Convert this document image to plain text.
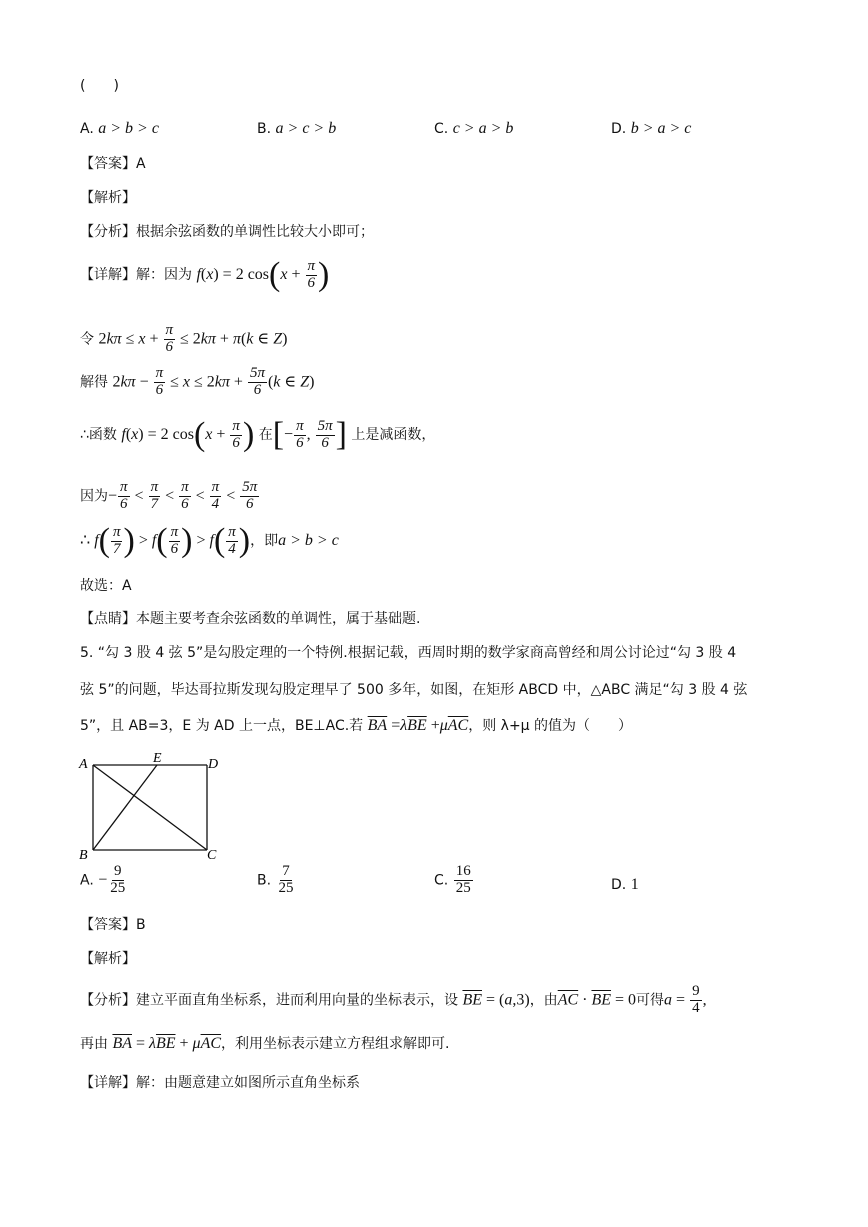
(　　)
A. a > b > c	B. a > c > b	C. c > a > b	D. b > a > c
【答案】A
【解析】
【分析】根据余弦函数的单调性比较大小即可；
【详解】解：因为 f(x) = 2 $\cos(x + \frac{\pi}{6}$ )
令 $2k\pi \le x + \frac{\pi}{6} \le 2k\pi + \pi(k$ ∈ Z)
解得 $2k\pi - \frac{\pi}{6} \le x \le 2k\pi + \frac{5\pi}{6} (k$ ∈ Z)
∴函数 f(x) = 2 $\cos(x + \frac{\pi}{6}$ ) 在[− $\frac{\pi}{6}$ , $\frac{5\pi}{6}$ ] 上是减函数，
因为− $\frac{\pi}{6} < \frac{\pi}{7} < \frac{\pi}{6} < \frac{\pi}{4} < \frac{5\pi}{6}$
∴ $f( \frac{\pi}{7}$ ) > $f( \frac{\pi}{6}$ ) > $f( \frac{\pi}{4}$ )，即a > b > c
故选：A
【点睛】本题主要考查余弦函数的单调性，属于基础题.
5. “勾 3 股 4 弦 5”是勾股定理的一个特例.根据记载，西周时期的数学家商高曾经和周公讨论过“勾 3 股 4
弦 5”的问题，毕达哥拉斯发现勾股定理早了 500 多年，如图，在矩形 ABCD 中，△ABC 满足“勾 3 股 4 弦
5”，且 AB=3，E 为 AD 上一点，BE⊥AC.若 $\overline{BA} =\lambda\overline{BE} +\mu\overline{AC}$，则 λ+μ 的值为（　　）
A	E	D
B	C
A. − $\frac{9}{25}$	B. $\frac{7}{25}$	C. $\frac{16}{25}$	D. 1
【答案】B
【解析】
【分析】建立平面直角坐标系，进而利用向量的坐标表示，设 $\overline{BE} = (a,3)$，由$\overline{AC} \cdot \overline{BE} = 0$可得$a = \frac{9}{4}$ ,
再由 $\overline{BA} = \lambda\overline{BE} + \mu\overline{AC}$，利用坐标表示建立方程组求解即可.
【详解】解：由题意建立如图所示直角坐标系
